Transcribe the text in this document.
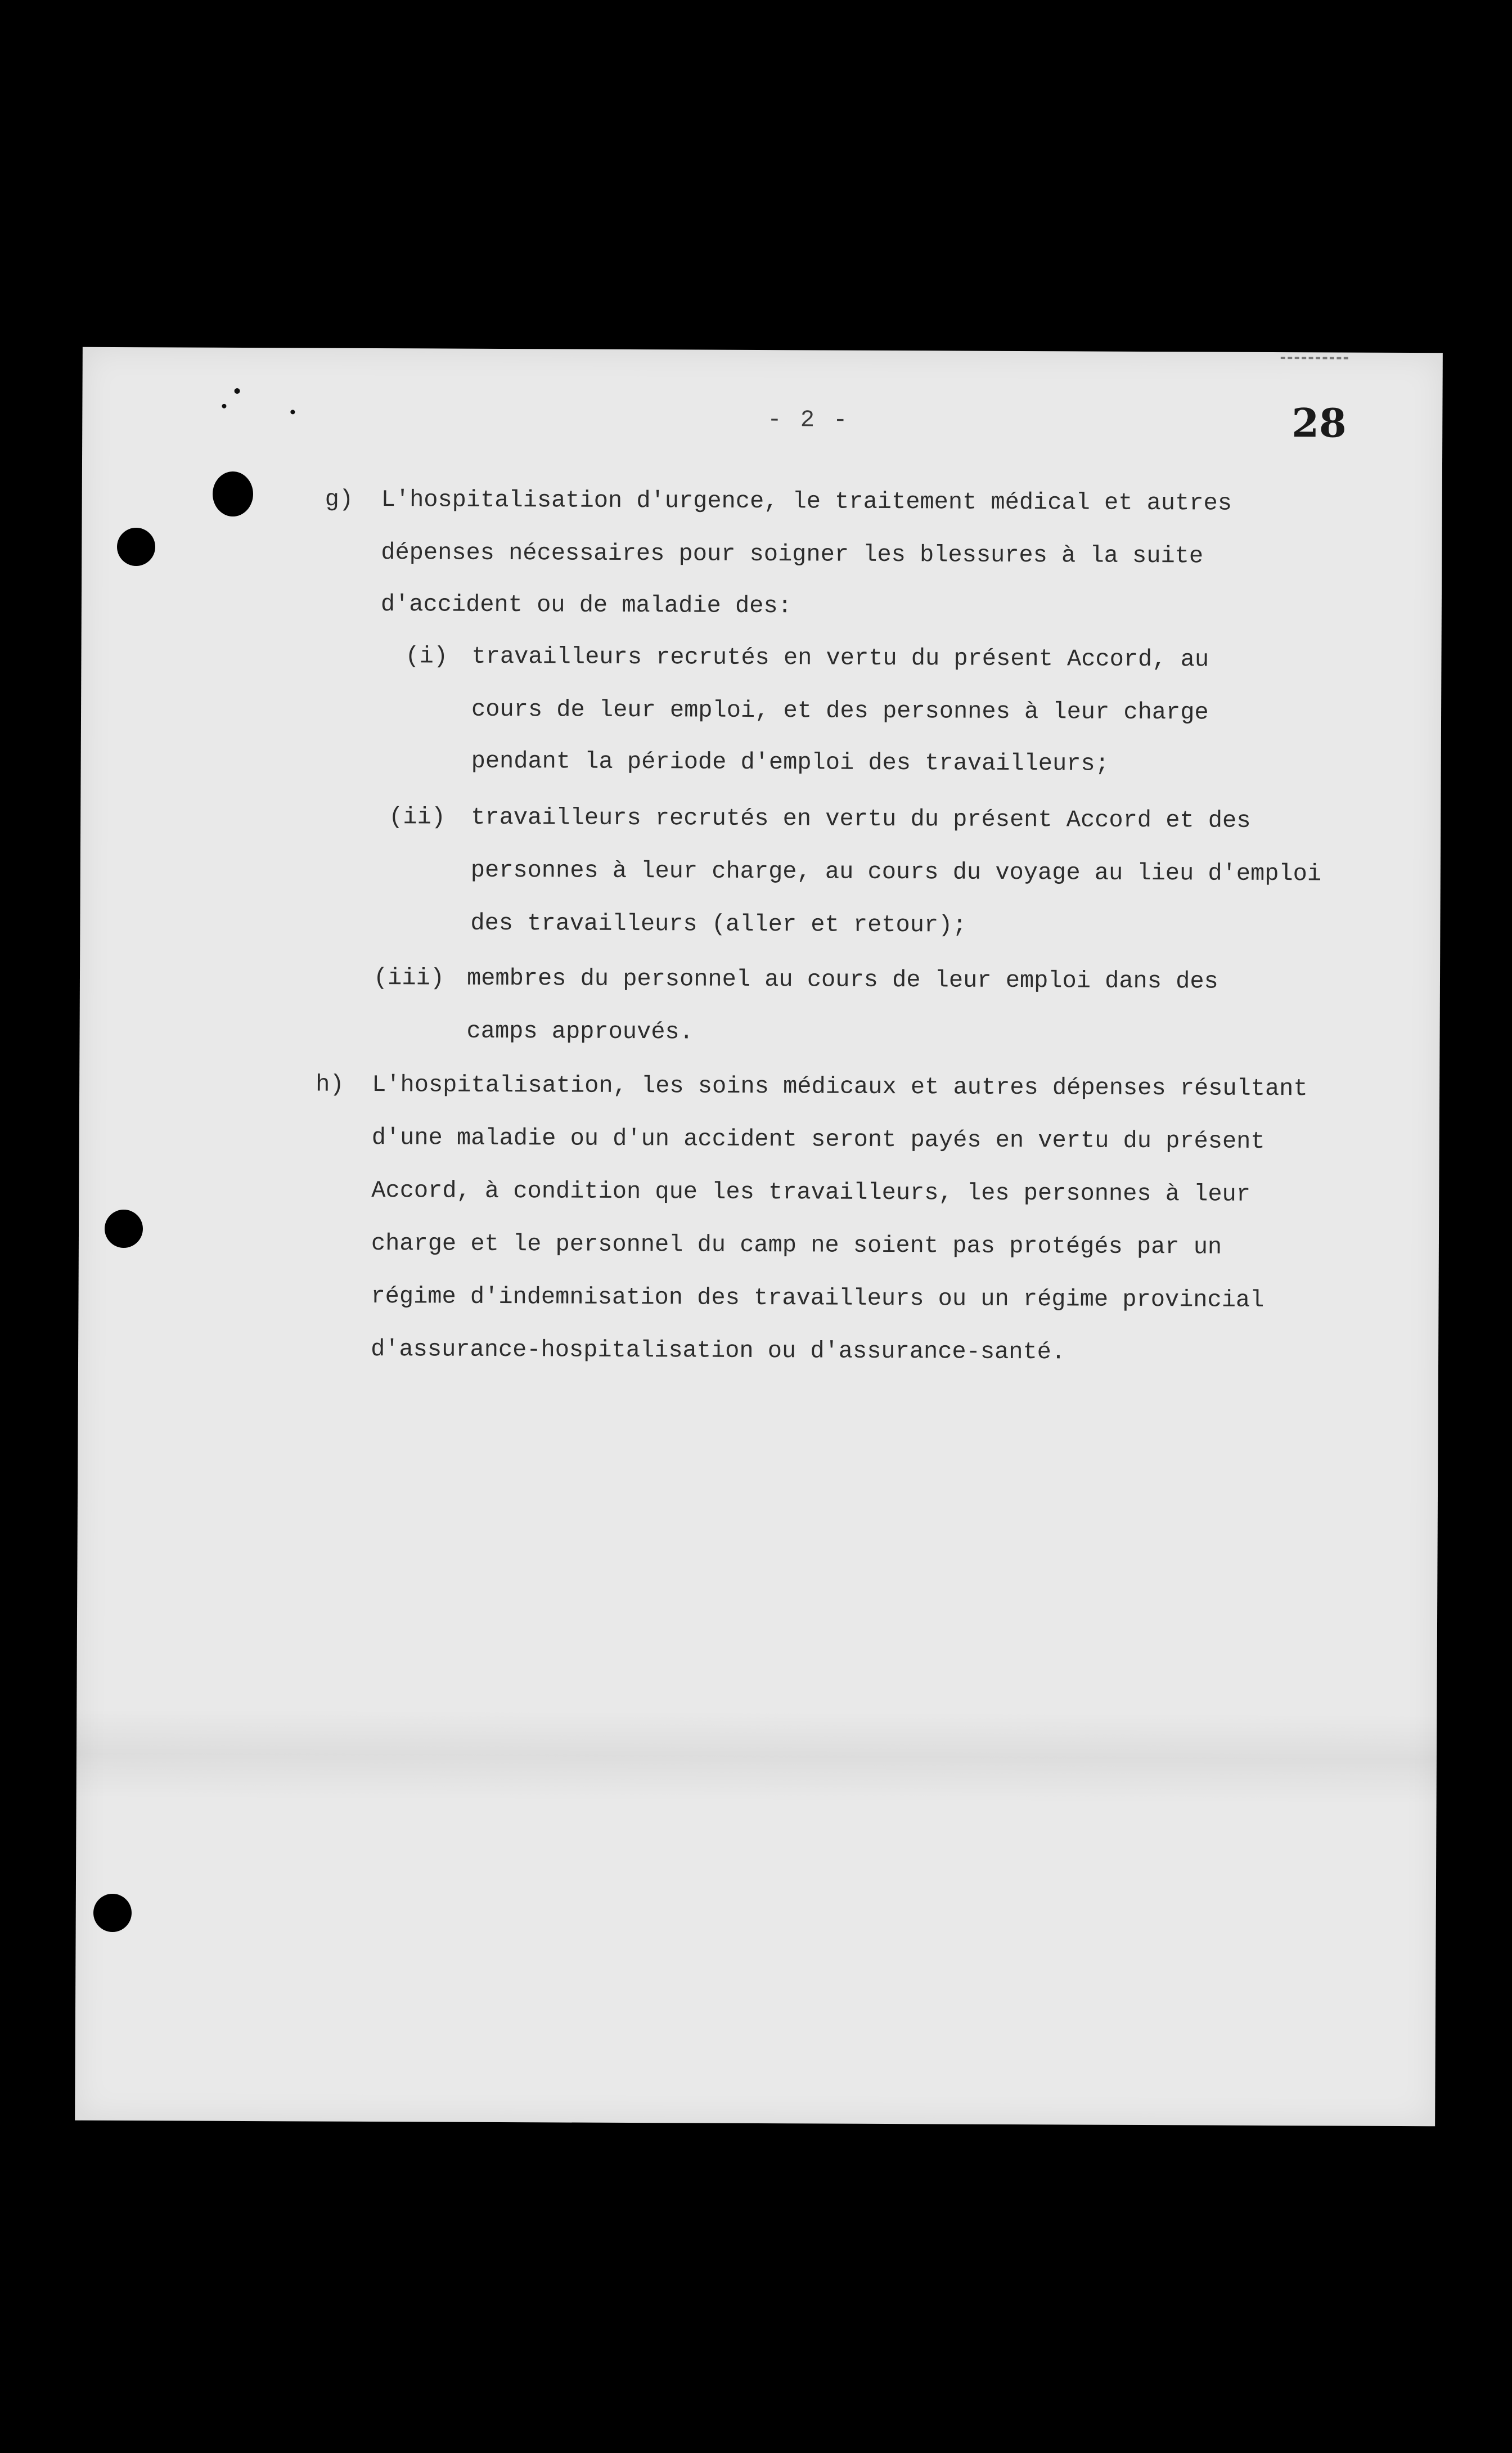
- 2 -	28
g) L'hospitalisation d'urgence, le traitement médical et autres
dépenses nécessaires pour soigner les blessures à la suite
d'accident ou de maladie des:
(i) travailleurs recrutés en vertu du présent Accord, au
cours de leur emploi, et des personnes à leur charge
pendant la période d'emploi des travailleurs;
(ii) travailleurs recrutés en vertu du présent Accord et des
personnes à leur charge, au cours du voyage au lieu d'emploi
des travailleurs (aller et retour);
(iii) membres du personnel au cours de leur emploi dans des
camps approuvés.
h) L'hospitalisation, les soins médicaux et autres dépenses résultant
d'une maladie ou d'un accident seront payés en vertu du présent
Accord, à condition que les travailleurs, les personnes à leur
charge et le personnel du camp ne soient pas protégés par un
régime d'indemnisation des travailleurs ou un régime provincial
d'assurance-hospitalisation ou d'assurance-santé.
